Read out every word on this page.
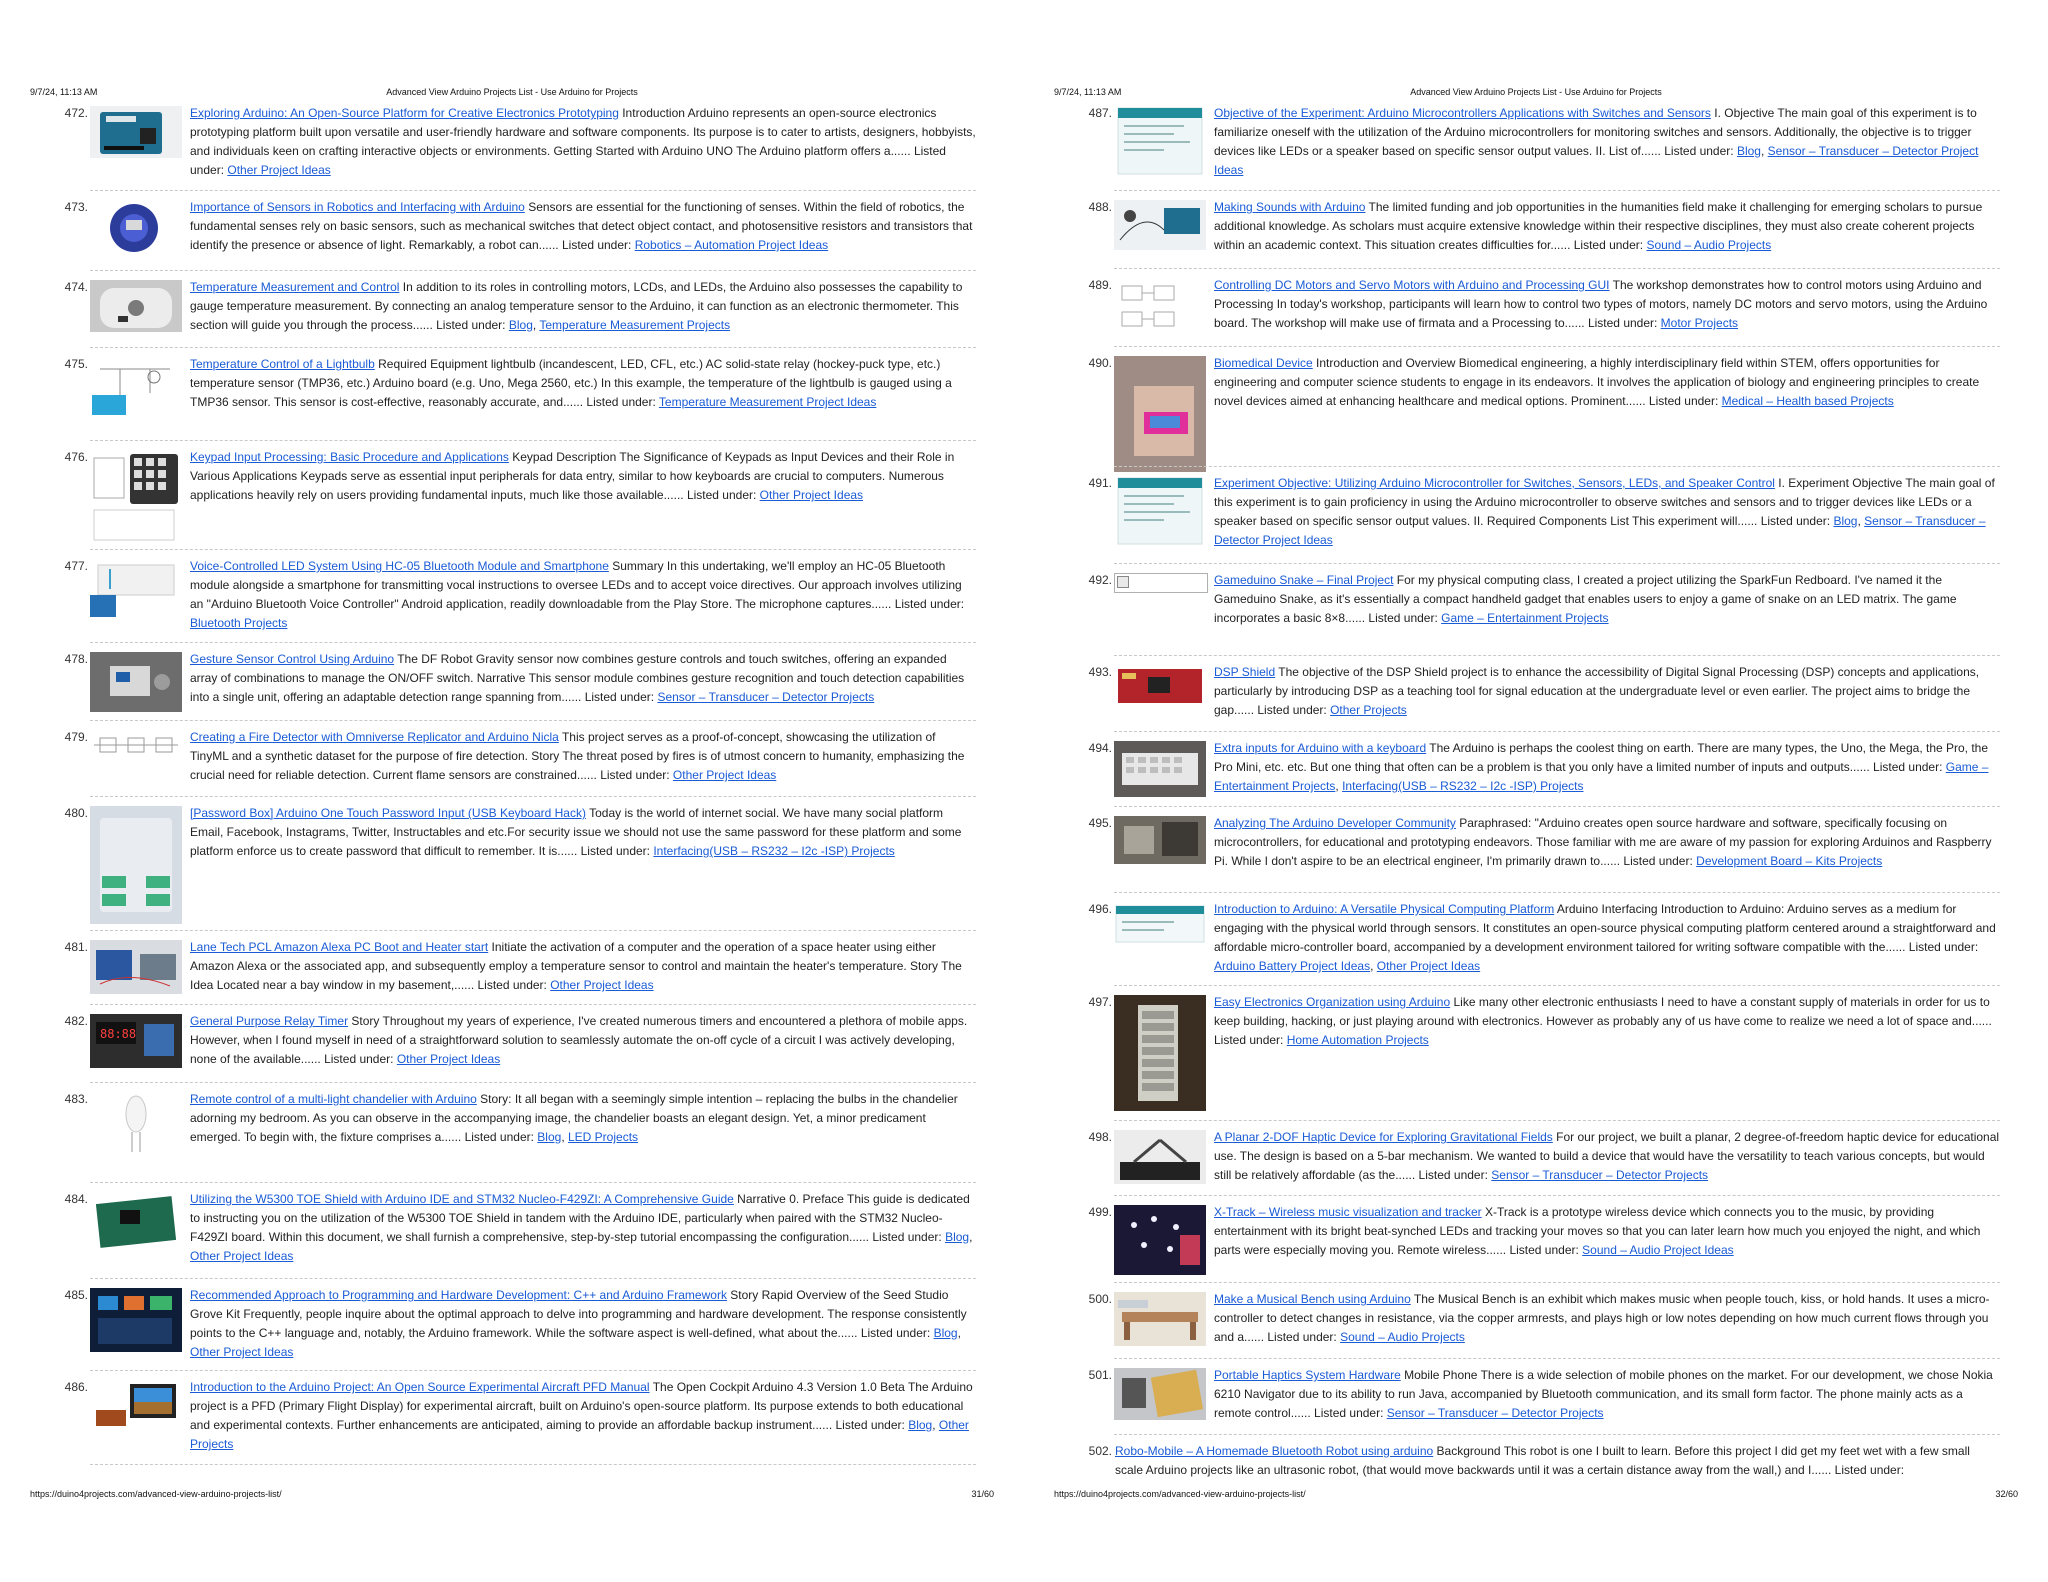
9/7/24, 11:13 AM	Advanced View Arduino Projects List - Use Arduino for Projects
472.	Exploring Arduino: An Open-Source Platform for Creative Electronics Prototyping Introduction Arduino represents an open-source electronics prototyping platform built upon versatile and user-friendly hardware and software components. Its purpose is to cater to artists, designers, hobbyists, and individuals keen on crafting interactive objects or environments. Getting Started with Arduino UNO The Arduino platform offers a...... Listed under: Other Project Ideas
473.	Importance of Sensors in Robotics and Interfacing with Arduino Sensors are essential for the functioning of senses. Within the field of robotics, the fundamental senses rely on basic sensors, such as mechanical switches that detect object contact, and photosensitive resistors and transistors that identify the presence or absence of light. Remarkably, a robot can...... Listed under: Robotics – Automation Project Ideas
474.	Temperature Measurement and Control In addition to its roles in controlling motors, LCDs, and LEDs, the Arduino also possesses the capability to gauge temperature measurement. By connecting an analog temperature sensor to the Arduino, it can function as an electronic thermometer. This section will guide you through the process...... Listed under: Blog, Temperature Measurement Projects
475.	Temperature Control of a Lightbulb Required Equipment lightbulb (incandescent, LED, CFL, etc.) AC solid-state relay (hockey-puck type, etc.) temperature sensor (TMP36, etc.) Arduino board (e.g. Uno, Mega 2560, etc.) In this example, the temperature of the lightbulb is gauged using a TMP36 sensor. This sensor is cost-effective, reasonably accurate, and...... Listed under: Temperature Measurement Project Ideas
476.	Keypad Input Processing: Basic Procedure and Applications Keypad Description The Significance of Keypads as Input Devices and their Role in Various Applications Keypads serve as essential input peripherals for data entry, similar to how keyboards are crucial to computers. Numerous applications heavily rely on users providing fundamental inputs, much like those available...... Listed under: Other Project Ideas
477.	Voice-Controlled LED System Using HC-05 Bluetooth Module and Smartphone Summary In this undertaking, we'll employ an HC-05 Bluetooth module alongside a smartphone for transmitting vocal instructions to oversee LEDs and to accept voice directives. Our approach involves utilizing an "Arduino Bluetooth Voice Controller" Android application, readily downloadable from the Play Store. The microphone captures...... Listed under: Bluetooth Projects
478.	Gesture Sensor Control Using Arduino The DF Robot Gravity sensor now combines gesture controls and touch switches, offering an expanded array of combinations to manage the ON/OFF switch. Narrative This sensor module combines gesture recognition and touch detection capabilities into a single unit, offering an adaptable detection range spanning from...... Listed under: Sensor – Transducer – Detector Projects
479.	Creating a Fire Detector with Omniverse Replicator and Arduino Nicla This project serves as a proof-of-concept, showcasing the utilization of TinyML and a synthetic dataset for the purpose of fire detection. Story The threat posed by fires is of utmost concern to humanity, emphasizing the crucial need for reliable detection. Current flame sensors are constrained...... Listed under: Other Project Ideas
480.	[Password Box] Arduino One Touch Password Input (USB Keyboard Hack) Today is the world of internet social. We have many social platform Email, Facebook, Instagrams, Twitter, Instructables and etc.For security issue we should not use the same password for these platform and some platform enforce us to create password that difficult to remember. It is...... Listed under: Interfacing(USB – RS232 – I2c -ISP) Projects
481.	Lane Tech PCL Amazon Alexa PC Boot and Heater start Initiate the activation of a computer and the operation of a space heater using either Amazon Alexa or the associated app, and subsequently employ a temperature sensor to control and maintain the heater's temperature. Story The Idea Located near a bay window in my basement,...... Listed under: Other Project Ideas
482.
88:88
General Purpose Relay Timer Story Throughout my years of experience, I've created numerous timers and encountered a plethora of mobile apps. However, when I found myself in need of a straightforward solution to seamlessly automate the on-off cycle of a circuit I was actively developing, none of the available...... Listed under: Other Project Ideas
483.	Remote control of a multi-light chandelier with Arduino Story: It all began with a seemingly simple intention – replacing the bulbs in the chandelier adorning my bedroom. As you can observe in the accompanying image, the chandelier boasts an elegant design. Yet, a minor predicament emerged. To begin with, the fixture comprises a...... Listed under: Blog, LED Projects
484.	Utilizing the W5300 TOE Shield with Arduino IDE and STM32 Nucleo-F429ZI: A Comprehensive Guide Narrative 0. Preface This guide is dedicated to instructing you on the utilization of the W5300 TOE Shield in tandem with the Arduino IDE, particularly when paired with the STM32 Nucleo-F429ZI board. Within this document, we shall furnish a comprehensive, step-by-step tutorial encompassing the configuration...... Listed under: Blog, Other Project Ideas
485.	Recommended Approach to Programming and Hardware Development: C++ and Arduino Framework Story Rapid Overview of the Seed Studio Grove Kit Frequently, people inquire about the optimal approach to delve into programming and hardware development. The response consistently points to the C++ language and, notably, the Arduino framework. While the software aspect is well-defined, what about the...... Listed under: Blog, Other Project Ideas
486.	Introduction to the Arduino Project: An Open Source Experimental Aircraft PFD Manual The Open Cockpit Arduino 4.3 Version 1.0 Beta The Arduino project is a PFD (Primary Flight Display) for experimental aircraft, built on Arduino's open-source platform. Its purpose extends to both educational and experimental contexts. Further enhancements are anticipated, aiming to provide an affordable backup instrument...... Listed under: Blog, Other Projects
https://duino4projects.com/advanced-view-arduino-projects-list/	31/60
9/7/24, 11:13 AM	Advanced View Arduino Projects List - Use Arduino for Projects
487.	Objective of the Experiment: Arduino Microcontrollers Applications with Switches and Sensors I. Objective The main goal of this experiment is to familiarize oneself with the utilization of the Arduino microcontrollers for monitoring switches and sensors. Additionally, the objective is to trigger devices like LEDs or a speaker based on specific sensor output values. II. List of...... Listed under: Blog, Sensor – Transducer – Detector Project Ideas
488.	Making Sounds with Arduino The limited funding and job opportunities in the humanities field make it challenging for emerging scholars to pursue additional knowledge. As scholars must acquire extensive knowledge within their respective disciplines, they must also create coherent projects within an academic context. This situation creates difficulties for...... Listed under: Sound – Audio Projects
489.	Controlling DC Motors and Servo Motors with Arduino and Processing GUI The workshop demonstrates how to control motors using Arduino and Processing In today's workshop, participants will learn how to control two types of motors, namely DC motors and servo motors, using the Arduino board. The workshop will make use of firmata and a Processing to...... Listed under: Motor Projects
490.	Biomedical Device Introduction and Overview Biomedical engineering, a highly interdisciplinary field within STEM, offers opportunities for engineering and computer science students to engage in its endeavors. It involves the application of biology and engineering principles to create novel devices aimed at enhancing healthcare and medical options. Prominent...... Listed under: Medical – Health based Projects
491.	Experiment Objective: Utilizing Arduino Microcontroller for Switches, Sensors, LEDs, and Speaker Control I. Experiment Objective The main goal of this experiment is to gain proficiency in using the Arduino microcontroller to observe switches and sensors and to trigger devices like LEDs or a speaker based on specific sensor output values. II. Required Components List This experiment will...... Listed under: Blog, Sensor – Transducer – Detector Project Ideas
492.	Gameduino Snake – Final Project For my physical computing class, I created a project utilizing the SparkFun Redboard. I've named it the Gameduino Snake, as it's essentially a compact handheld gadget that enables users to enjoy a game of snake on an LED matrix. The game incorporates a basic 8×8...... Listed under: Game – Entertainment Projects
493.	DSP Shield The objective of the DSP Shield project is to enhance the accessibility of Digital Signal Processing (DSP) concepts and applications, particularly by introducing DSP as a teaching tool for signal education at the undergraduate level or even earlier. The project aims to bridge the gap...... Listed under: Other Projects
494.	Extra inputs for Arduino with a keyboard The Arduino is perhaps the coolest thing on earth. There are many types, the Uno, the Mega, the Pro, the Pro Mini, etc. etc. But one thing that often can be a problem is that you only have a limited number of inputs and outputs...... Listed under: Game – Entertainment Projects, Interfacing(USB – RS232 – I2c -ISP) Projects
495.	Analyzing The Arduino Developer Community Paraphrased: "Arduino creates open source hardware and software, specifically focusing on microcontrollers, for educational and prototyping endeavors. Those familiar with me are aware of my passion for exploring Arduinos and Raspberry Pi. While I don't aspire to be an electrical engineer, I'm primarily drawn to...... Listed under: Development Board – Kits Projects
496.	Introduction to Arduino: A Versatile Physical Computing Platform Arduino Interfacing Introduction to Arduino: Arduino serves as a medium for engaging with the physical world through sensors. It constitutes an open-source physical computing platform centered around a straightforward and affordable micro-controller board, accompanied by a development environment tailored for writing software compatible with the...... Listed under: Arduino Battery Project Ideas, Other Project Ideas
497.	Easy Electronics Organization using Arduino Like many other electronic enthusiasts I need to have a constant supply of materials in order for us to keep building, hacking, or just playing around with electronics. However as probably any of us have come to realize we need a lot of space and...... Listed under: Home Automation Projects
498.	A Planar 2-DOF Haptic Device for Exploring Gravitational Fields For our project, we built a planar, 2 degree-of-freedom haptic device for educational use. The design is based on a 5-bar mechanism. We wanted to build a device that would have the versatility to teach various concepts, but would still be relatively affordable (as the...... Listed under: Sensor – Transducer – Detector Projects
499.	X-Track – Wireless music visualization and tracker X-Track is a prototype wireless device which connects you to the music, by providing entertainment with its bright beat-synched LEDs and tracking your moves so that you can later learn how much you enjoyed the night, and which parts were especially moving you. Remote wireless...... Listed under: Sound – Audio Project Ideas
500.	Make a Musical Bench using Arduino The Musical Bench is an exhibit which makes music when people touch, kiss, or hold hands. It uses a micro-controller to detect changes in resistance, via the copper armrests, and plays high or low notes depending on how much current flows through you and a...... Listed under: Sound – Audio Projects
501.	Portable Haptics System Hardware Mobile Phone There is a wide selection of mobile phones on the market. For our development, we chose Nokia 6210 Navigator due to its ability to run Java, accompanied by Bluetooth communication, and its small form factor. The phone mainly acts as a remote control...... Listed under: Sensor – Transducer – Detector Projects
502. Robo-Mobile – A Homemade Bluetooth Robot using arduino Background This robot is one I built to learn. Before this project I did get my feet wet with a few small scale Arduino projects like an ultrasonic robot, (that would move backwards until it was a certain distance away from the wall,) and I...... Listed under:
https://duino4projects.com/advanced-view-arduino-projects-list/	32/60
